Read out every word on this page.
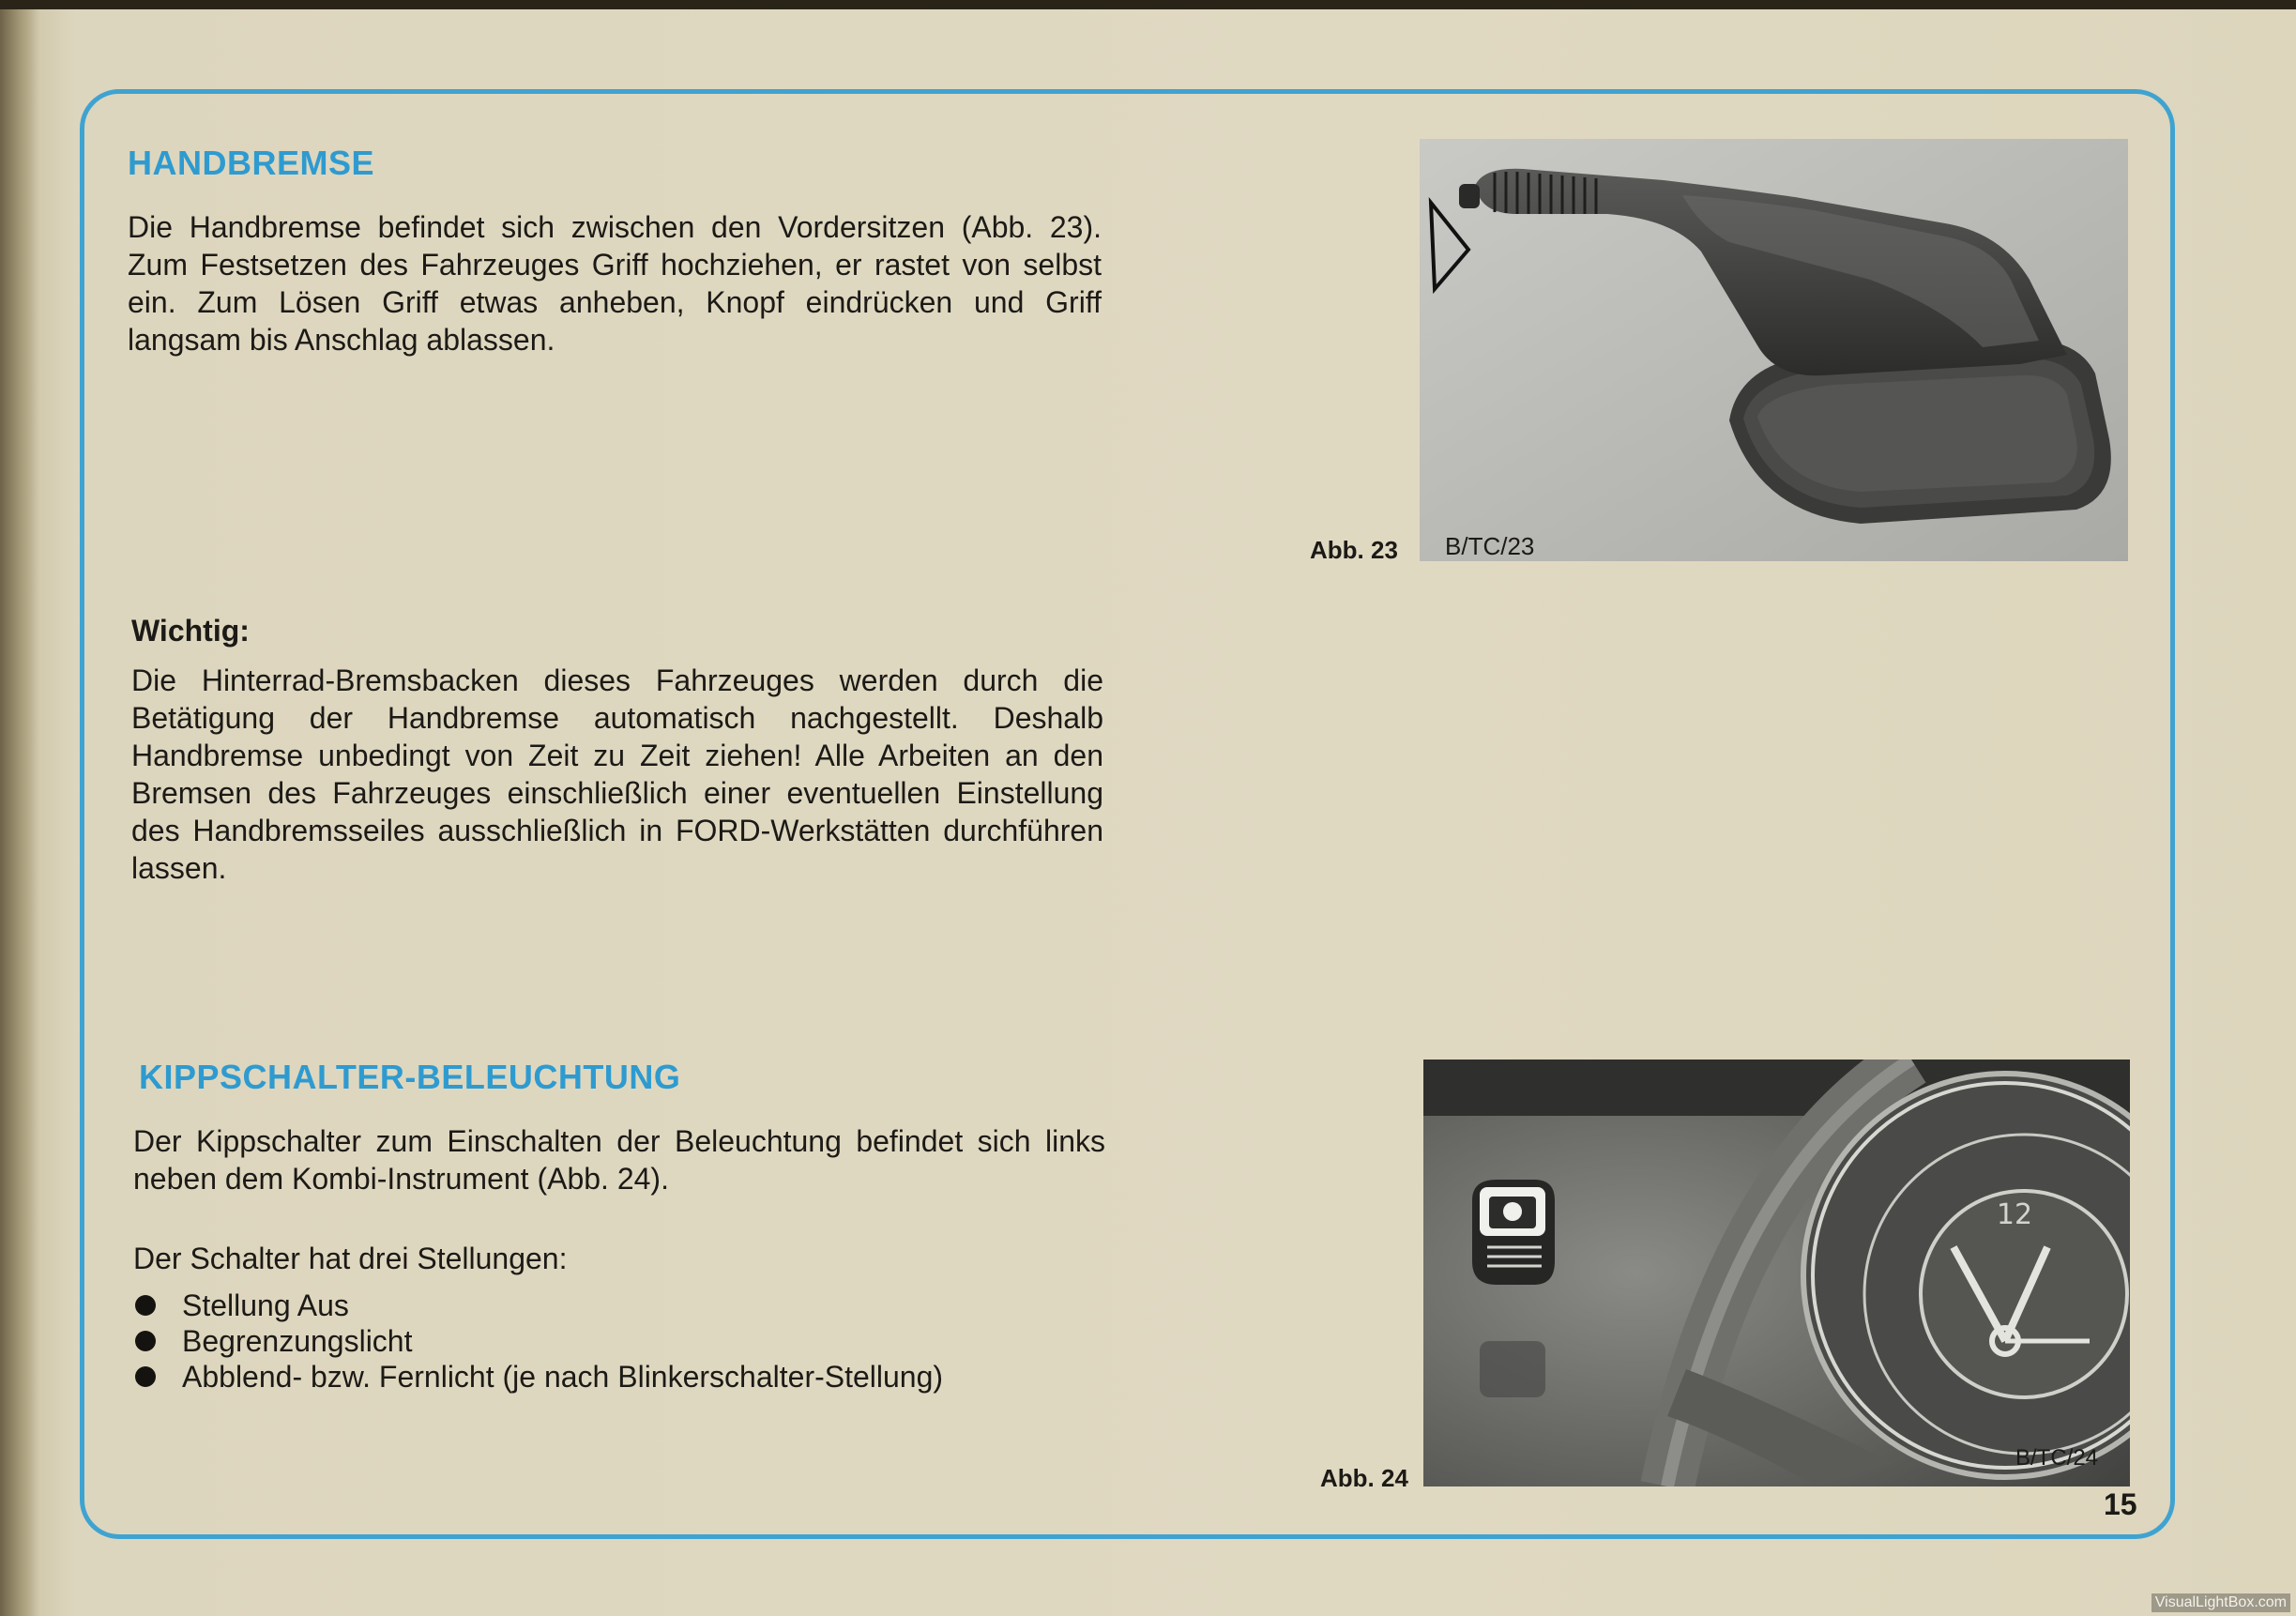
HANDBREMSE

Die Handbremse befindet sich zwischen den Vordersitzen (Abb. 23). Zum Festsetzen des Fahrzeuges Griff hochziehen, er rastet von selbst ein. Zum Lösen Griff etwas anheben, Knopf eindrücken und Griff langsam bis Anschlag ablassen.

Wichtig:

Die Hinterrad-Bremsbacken dieses Fahrzeuges werden durch die Betätigung der Handbremse automatisch nachgestellt. Deshalb Handbremse unbedingt von Zeit zu Zeit ziehen! Alle Arbeiten an den Bremsen des Fahrzeuges einschließlich einer eventuellen Einstellung des Handbremsseiles ausschließlich in FORD-Werkstätten durchführen lassen.

KIPPSCHALTER-BELEUCHTUNG

Der Kippschalter zum Einschalten der Beleuchtung befindet sich links neben dem Kombi-Instrument (Abb. 24).

Der Schalter hat drei Stellungen:

Stellung Aus
Begrenzungslicht
Abblend- bzw. Fernlicht (je nach Blinkerschalter-Stellung)
Abb. 23 B/TC/23
12
Abb. 24
B/TC/24
15
VisualLightBox.com
